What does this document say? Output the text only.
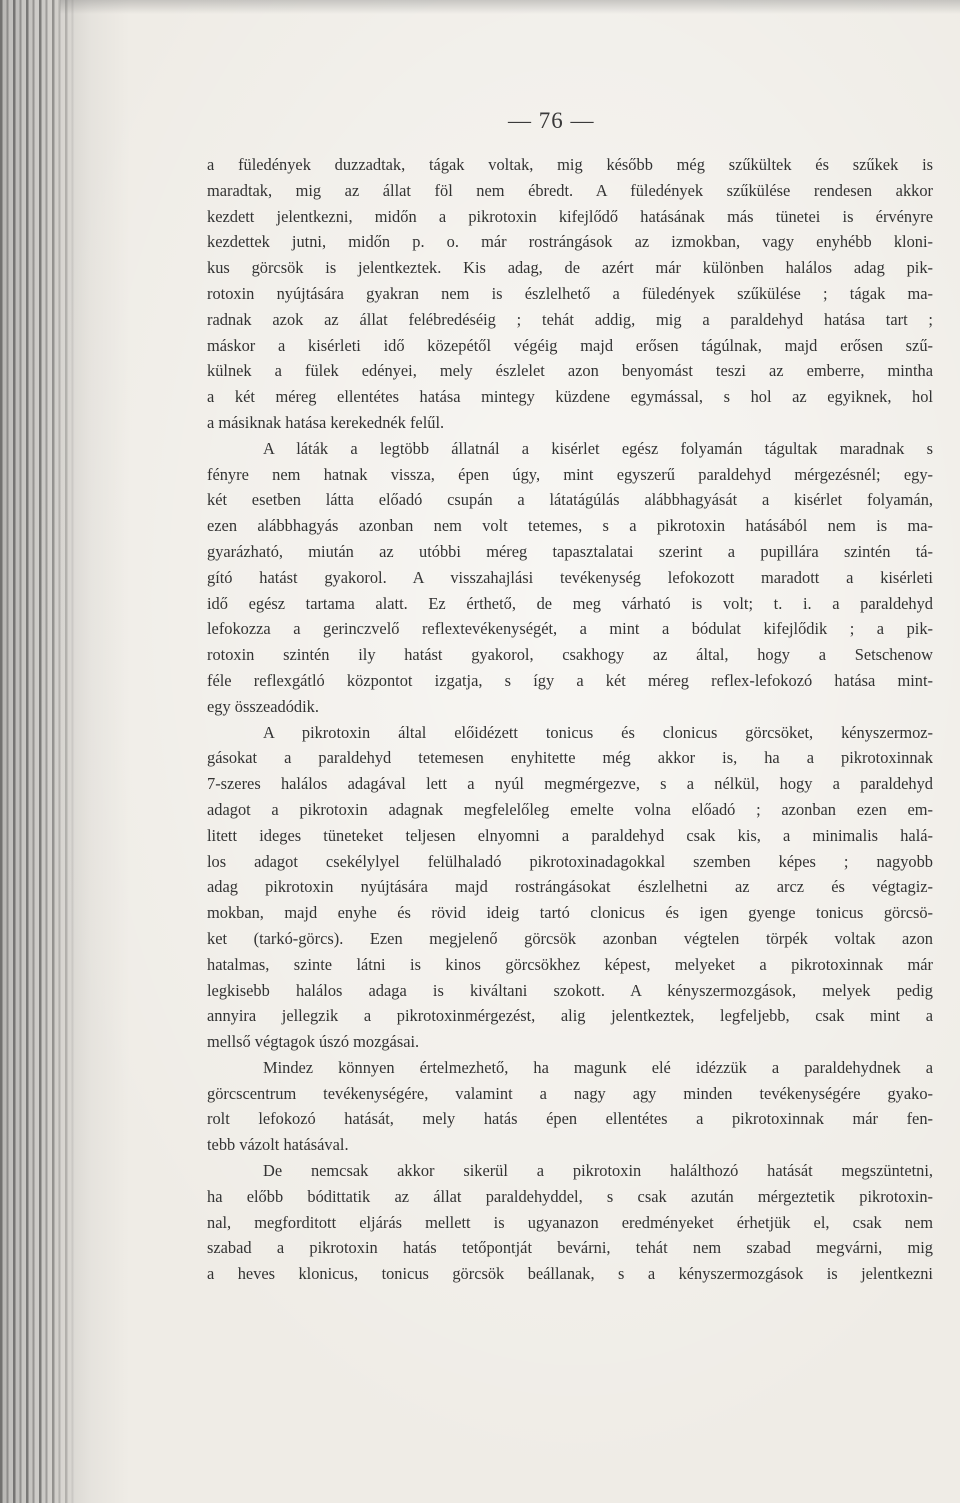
— 76 —

a füledények duzzadtak, tágak voltak, mig később még szűkültek és szűkek is
maradtak, mig az állat föl nem ébredt. A füledények szűkülése rendesen akkor
kezdett jelentkezni, midőn a pikrotoxin kifejlődő hatásának más tünetei is érvényre
kezdettek jutni, midőn p. o. már rostrángások az izmokban, vagy enyhébb kloni-
kus görcsök is jelentkeztek. Kis adag, de azért már különben halálos adag pik-
rotoxin nyújtására gyakran nem is észlelhető a füledények szűkülése ; tágak ma-
radnak azok az állat felébredéséig ; tehát addig, mig a paraldehyd hatása tart ;
máskor a kisérleti idő közepétől végéig majd erősen tágúlnak, majd erősen szű-
külnek a fülek edényei, mely észlelet azon benyomást teszi az emberre, mintha
a két méreg ellentétes hatása mintegy küzdene egymással, s hol az egyiknek, hol
a másiknak hatása kerekednék felűl.

A láták a legtöbb állatnál a kisérlet egész folyamán tágultak maradnak s
fényre nem hatnak vissza, épen úgy, mint egyszerű paraldehyd mérgezésnél; egy-
két esetben látta előadó csupán a látatágúlás alábbhagyását a kisérlet folyamán,
ezen alábbhagyás azonban nem volt tetemes, s a pikrotoxin hatásából nem is ma-
gyarázható, miután az utóbbi méreg tapasztalatai szerint a pupillára szintén tá-
gító hatást gyakorol. A visszahajlási tevékenység lefokozott maradott a kisérleti
idő egész tartama alatt. Ez érthető, de meg várható is volt; t. i. a paraldehyd
lefokozza a gerinczvelő reflextevékenységét, a mint a bódulat kifejlődik ; a pik-
rotoxin szintén ily hatást gyakorol, csakhogy az által, hogy a Setschenow
féle reflexgátló központot izgatja, s így a két méreg reflex-lefokozó hatása mint-
egy összeadódik.

A pikrotoxin által előidézett tonicus és clonicus görcsöket, kényszermoz-
gásokat a paraldehyd tetemesen enyhitette még akkor is, ha a pikrotoxinnak
7-szeres halálos adagával lett a nyúl megmérgezve, s a nélkül, hogy a paraldehyd
adagot a pikrotoxin adagnak megfelelőleg emelte volna előadó ; azonban ezen em-
litett ideges tüneteket teljesen elnyomni a paraldehyd csak kis, a minimalis halá-
los adagot csekélylyel felülhaladó pikrotoxinadagokkal szemben képes ; nagyobb
adag pikrotoxin nyújtására majd rostrángásokat észlelhetni az arcz és végtagiz-
mokban, majd enyhe és rövid ideig tartó clonicus és igen gyenge tonicus görcsö-
ket (tarkó-görcs). Ezen megjelenő görcsök azonban végtelen törpék voltak azon
hatalmas, szinte látni is kinos görcsökhez képest, melyeket a pikrotoxinnak már
legkisebb halálos adaga is kiváltani szokott. A kényszermozgások, melyek pedig
annyira jellegzik a pikrotoxinmérgezést, alig jelentkeztek, legfeljebb, csak mint a
mellső végtagok úszó mozgásai.

Mindez könnyen értelmezhető, ha magunk elé idézzük a paraldehydnek a
görcscentrum tevékenységére, valamint a nagy agy minden tevékenységére gyako-
rolt lefokozó hatását, mely hatás épen ellentétes a pikrotoxinnak már fen-
tebb vázolt hatásával.

De nemcsak akkor sikerül a pikrotoxin halálthozó hatását megszüntetni,
ha előbb bódittatik az állat paraldehyddel, s csak azután mérgeztetik pikrotoxin-
nal, megforditott eljárás mellett is ugyanazon eredményeket érhetjük el, csak nem
szabad a pikrotoxin hatás tetőpontját bevárni, tehát nem szabad megvárni, mig
a heves klonicus, tonicus görcsök beállanak, s a kényszermozgások is jelentkezni
